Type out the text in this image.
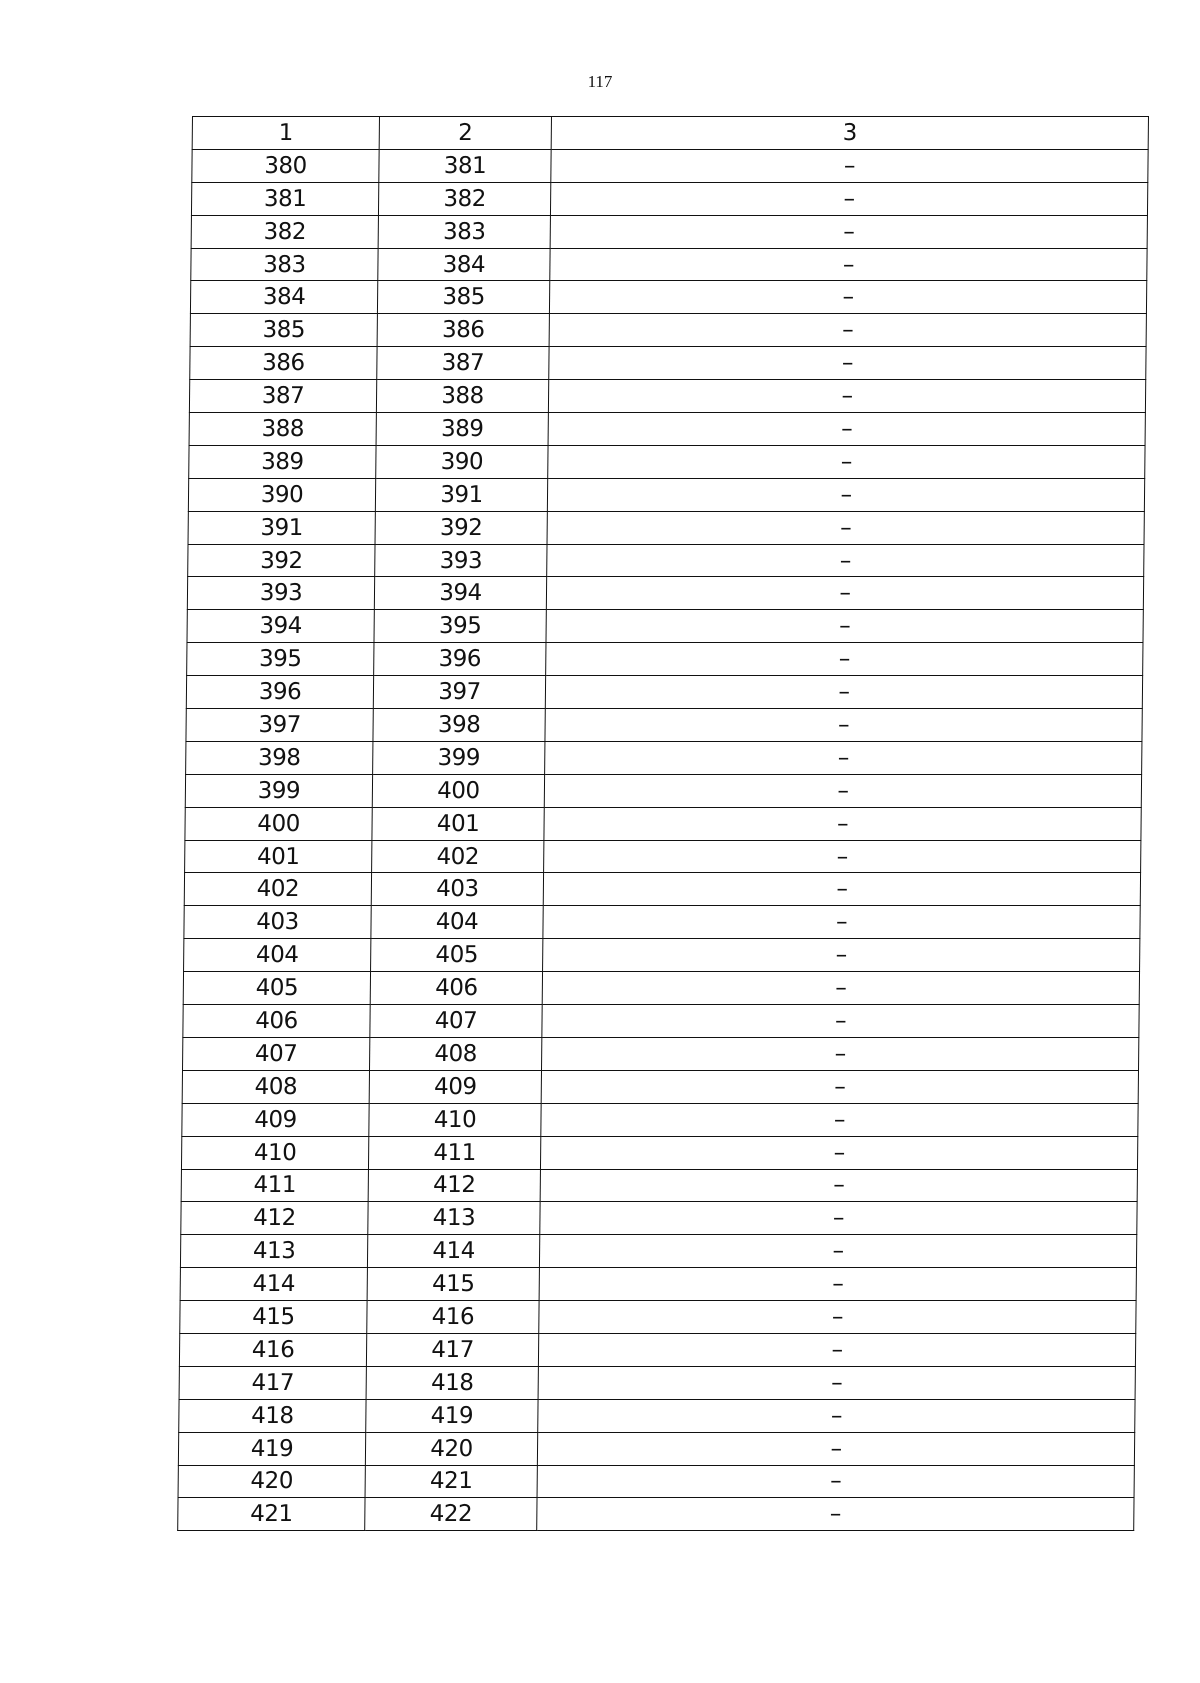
117
1	2	3
380	381	–
381	382	–
382	383	–
383	384	–
384	385	–
385	386	–
386	387	–
387	388	–
388	389	–
389	390	–
390	391	–
391	392	–
392	393	–
393	394	–
394	395	–
395	396	–
396	397	–
397	398	–
398	399	–
399	400	–
400	401	–
401	402	–
402	403	–
403	404	–
404	405	–
405	406	–
406	407	–
407	408	–
408	409	–
409	410	–
410	411	–
411	412	–
412	413	–
413	414	–
414	415	–
415	416	–
416	417	–
417	418	–
418	419	–
419	420	–
420	421	–
421	422	–
